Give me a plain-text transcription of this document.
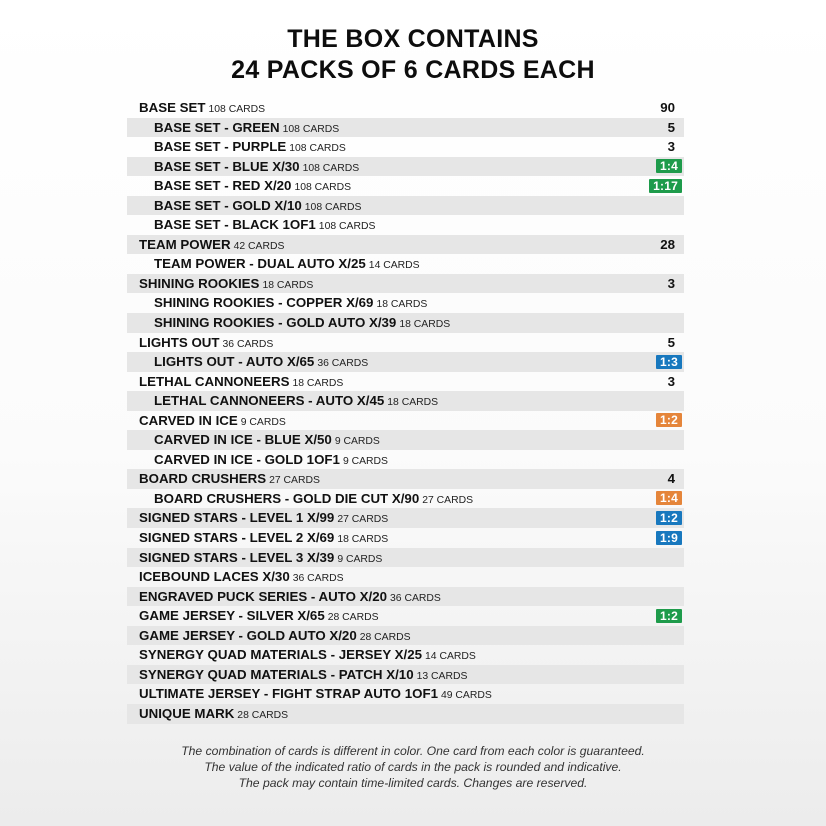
THE BOX CONTAINS
24 PACKS OF 6 CARDS EACH
BASE SET 108 CARDS	90
BASE SET - GREEN 108 CARDS	5
BASE SET - PURPLE 108 CARDS	3
BASE SET - BLUE X/30 108 CARDS	1:4
BASE SET - RED X/20 108 CARDS	1:17
BASE SET - GOLD X/10 108 CARDS
BASE SET - BLACK 1OF1 108 CARDS
TEAM POWER 42 CARDS	28
TEAM POWER - DUAL AUTO X/25 14 CARDS
SHINING ROOKIES 18 CARDS	3
SHINING ROOKIES - COPPER X/69 18 CARDS
SHINING ROOKIES - GOLD AUTO X/39 18 CARDS
LIGHTS OUT 36 CARDS	5
LIGHTS OUT - AUTO X/65 36 CARDS	1:3
LETHAL CANNONEERS 18 CARDS	3
LETHAL CANNONEERS - AUTO X/45 18 CARDS
CARVED IN ICE 9 CARDS	1:2
CARVED IN ICE - BLUE X/50 9 CARDS
CARVED IN ICE - GOLD 1OF1 9 CARDS
BOARD CRUSHERS 27 CARDS	4
BOARD CRUSHERS - GOLD DIE CUT X/90 27 CARDS	1:4
SIGNED STARS - LEVEL 1 X/99 27 CARDS	1:2
SIGNED STARS - LEVEL 2 X/69 18 CARDS	1:9
SIGNED STARS - LEVEL 3 X/39 9 CARDS
ICEBOUND LACES X/30 36 CARDS
ENGRAVED PUCK SERIES - AUTO X/20 36 CARDS
GAME JERSEY - SILVER X/65 28 CARDS	1:2
GAME JERSEY - GOLD AUTO X/20 28 CARDS
SYNERGY QUAD MATERIALS - JERSEY X/25 14 CARDS
SYNERGY QUAD MATERIALS - PATCH X/10 13 CARDS
ULTIMATE JERSEY - FIGHT STRAP AUTO 1OF1 49 CARDS
UNIQUE MARK 28 CARDS
The combination of cards is different in color. One card from each color is guaranteed.
The value of the indicated ratio of cards in the pack is rounded and indicative.
The pack may contain time-limited cards. Changes are reserved.
